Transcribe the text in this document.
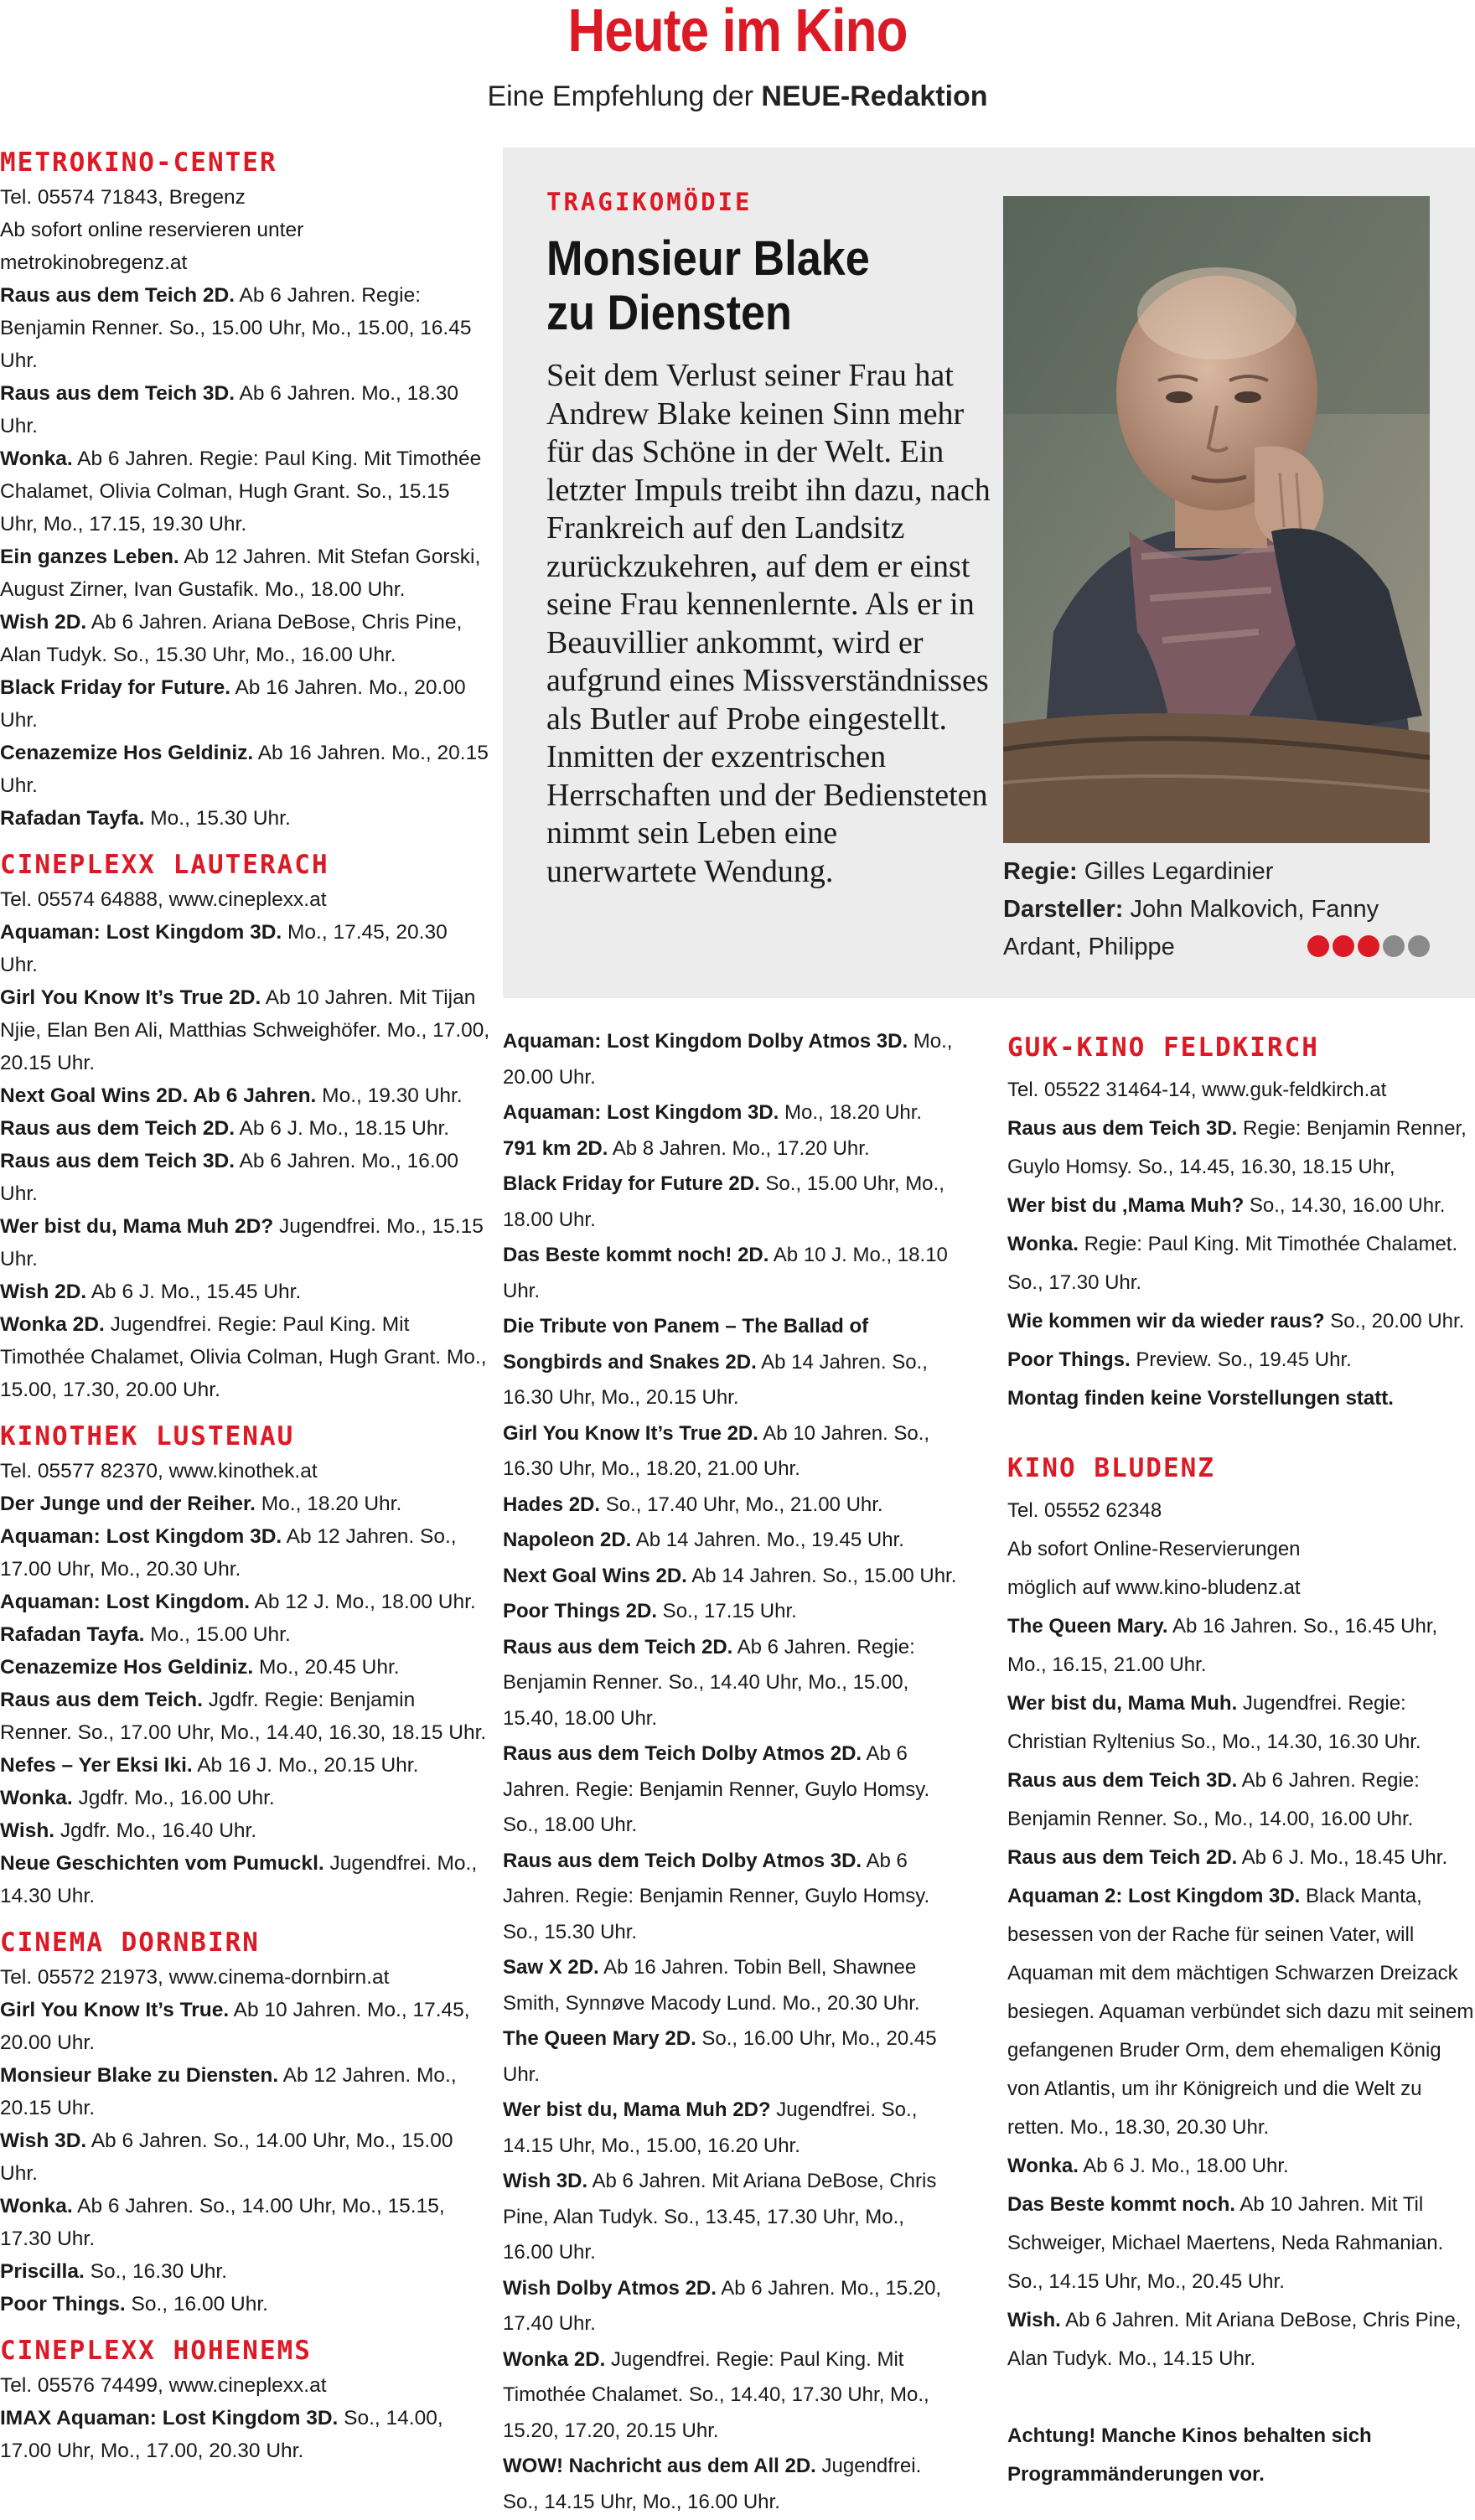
Heute im Kino
Eine Empfehlung der NEUE-Redaktion

METROKINO-CENTER

Tel. 05574 71843, Bregenz

Ab sofort online reservieren unter

metrokinobregenz.at

Raus aus dem Teich 2D. Ab 6 Jahren. Regie: Benjamin Renner. So., 15.00 Uhr, Mo., 15.00, 16.45 Uhr.

Raus aus dem Teich 3D. Ab 6 Jahren. Mo., 18.30 Uhr.

Wonka. Ab 6 Jahren. Regie: Paul King. Mit Timothée Chalamet, Olivia Colman, Hugh Grant. So., 15.15 Uhr, Mo., 17.15, 19.30 Uhr.

Ein ganzes Leben. Ab 12 Jahren. Mit Stefan Gorski, August Zirner, Ivan Gustafik. Mo., 18.00 Uhr.

Wish 2D. Ab 6 Jahren. Ariana DeBose, Chris Pine, Alan Tudyk. So., 15.30 Uhr, Mo., 16.00 Uhr.

Black Friday for Future. Ab 16 Jahren. Mo., 20.00 Uhr.

Cenazemize Hos Geldiniz. Ab 16 Jahren. Mo., 20.15 Uhr.

Rafadan Tayfa. Mo., 15.30 Uhr.

CINEPLEXX LAUTERACH

Tel. 05574 64888, www.cineplexx.at

Aquaman: Lost Kingdom 3D. Mo., 17.45, 20.30 Uhr.

Girl You Know It’s True 2D. Ab 10 Jahren. Mit Tijan Njie, Elan Ben Ali, Matthias Schweighöfer. Mo., 17.00, 20.15 Uhr.

Next Goal Wins 2D. Ab 6 Jahren. Mo., 19.30 Uhr.

Raus aus dem Teich 2D. Ab 6 J. Mo., 18.15 Uhr.

Raus aus dem Teich 3D. Ab 6 Jahren. Mo., 16.00 Uhr.

Wer bist du, Mama Muh 2D? Jugendfrei. Mo., 15.15 Uhr.

Wish 2D. Ab 6 J. Mo., 15.45 Uhr.

Wonka 2D. Jugendfrei. Regie: Paul King. Mit Timothée Chalamet, Olivia Colman, Hugh Grant. Mo., 15.00, 17.30, 20.00 Uhr.

KINOTHEK LUSTENAU

Tel. 05577 82370, www.kinothek.at

Der Junge und der Reiher. Mo., 18.20 Uhr.

Aquaman: Lost Kingdom 3D. Ab 12 Jahren. So., 17.00 Uhr, Mo., 20.30 Uhr.

Aquaman: Lost Kingdom. Ab 12 J. Mo., 18.00 Uhr.

Rafadan Tayfa. Mo., 15.00 Uhr.

Cenazemize Hos Geldiniz. Mo., 20.45 Uhr.

Raus aus dem Teich. Jgdfr. Regie: Benjamin Renner. So., 17.00 Uhr, Mo., 14.40, 16.30, 18.15 Uhr.

Nefes – Yer Eksi Iki. Ab 16 J. Mo., 20.15 Uhr.

Wonka. Jgdfr. Mo., 16.00 Uhr.

Wish. Jgdfr. Mo., 16.40 Uhr.

Neue Geschichten vom Pumuckl. Jugendfrei. Mo., 14.30 Uhr.

CINEMA DORNBIRN

Tel. 05572 21973, www.cinema-dornbirn.at

Girl You Know It’s True. Ab 10 Jahren. Mo., 17.45, 20.00 Uhr.

Monsieur Blake zu Diensten. Ab 12 Jahren. Mo., 20.15 Uhr.

Wish 3D. Ab 6 Jahren. So., 14.00 Uhr, Mo., 15.00 Uhr.

Wonka. Ab 6 Jahren. So., 14.00 Uhr, Mo., 15.15, 17.30 Uhr.

Priscilla. So., 16.30 Uhr.

Poor Things. So., 16.00 Uhr.

CINEPLEXX HOHENEMS

Tel. 05576 74499, www.cineplexx.at

IMAX Aquaman: Lost Kingdom 3D. So., 14.00, 17.00 Uhr, Mo., 17.00, 20.30 Uhr.

TRAGIKOMÖDIE
Monsieur Blake
zu Diensten
Seit dem Verlust seiner Frau hat Andrew Blake keinen Sinn mehr für das Schöne in der Welt. Ein letzter Impuls treibt ihn dazu, nach Frankreich auf den Landsitz zurückzukehren, auf dem er einst seine Frau kennenlernte. Als er in Beauvillier ankommt, wird er aufgrund eines Missverständnisses als Butler auf Probe eingestellt. Inmitten der exzentrischen Herrschaften und der Bediensteten nimmt sein Leben eine unerwartete Wendung.	Regie: Gilles Legardinier
Darsteller: John Malkovich, Fanny Ardant, Philippe

Aquaman: Lost Kingdom Dolby Atmos 3D. Mo., 20.00 Uhr.

Aquaman: Lost Kingdom 3D. Mo., 18.20 Uhr.

791 km 2D. Ab 8 Jahren. Mo., 17.20 Uhr.

Black Friday for Future 2D. So., 15.00 Uhr, Mo., 18.00 Uhr.

Das Beste kommt noch! 2D. Ab 10 J. Mo., 18.10 Uhr.

Die Tribute von Panem – The Ballad of Songbirds and Snakes 2D. Ab 14 Jahren. So., 16.30 Uhr, Mo., 20.15 Uhr.

Girl You Know It’s True 2D. Ab 10 Jahren. So., 16.30 Uhr, Mo., 18.20, 21.00 Uhr.

Hades 2D. So., 17.40 Uhr, Mo., 21.00 Uhr.

Napoleon 2D. Ab 14 Jahren. Mo., 19.45 Uhr.

Next Goal Wins 2D. Ab 14 Jahren. So., 15.00 Uhr.

Poor Things 2D. So., 17.15 Uhr.

Raus aus dem Teich 2D. Ab 6 Jahren. Regie: Benjamin Renner. So., 14.40 Uhr, Mo., 15.00, 15.40, 18.00 Uhr.

Raus aus dem Teich Dolby Atmos 2D. Ab 6 Jahren. Regie: Benjamin Renner, Guylo Homsy. So., 18.00 Uhr.

Raus aus dem Teich Dolby Atmos 3D. Ab 6 Jahren. Regie: Benjamin Renner, Guylo Homsy. So., 15.30 Uhr.

Saw X 2D. Ab 16 Jahren. Tobin Bell, Shawnee Smith, Synnøve Macody Lund. Mo., 20.30 Uhr.

The Queen Mary 2D. So., 16.00 Uhr, Mo., 20.45 Uhr.

Wer bist du, Mama Muh 2D? Jugendfrei. So., 14.15 Uhr, Mo., 15.00, 16.20 Uhr.

Wish 3D. Ab 6 Jahren. Mit Ariana DeBose, Chris Pine, Alan Tudyk. So., 13.45, 17.30 Uhr, Mo., 16.00 Uhr.

Wish Dolby Atmos 2D. Ab 6 Jahren. Mo., 15.20, 17.40 Uhr.

Wonka 2D. Jugendfrei. Regie: Paul King. Mit Timothée Chalamet. So., 14.40, 17.30 Uhr, Mo., 15.20, 17.20, 20.15 Uhr.

WOW! Nachricht aus dem All 2D. Jugendfrei. So., 14.15 Uhr, Mo., 16.00 Uhr.

GUK-KINO FELDKIRCH

Tel. 05522 31464-14, www.guk-feldkirch.at

Raus aus dem Teich 3D. Regie: Benjamin Renner, Guylo Homsy. So., 14.45, 16.30, 18.15 Uhr,

Wer bist du ‚Mama Muh? So., 14.30, 16.00 Uhr.

Wonka. Regie: Paul King. Mit Timothée Chalamet. So., 17.30 Uhr.

Wie kommen wir da wieder raus? So., 20.00 Uhr.

Poor Things. Preview. So., 19.45 Uhr.

Montag finden keine Vorstellungen statt.

KINO BLUDENZ

Tel. 05552 62348

Ab sofort Online-Reservierungen

möglich auf www.kino-bludenz.at

The Queen Mary. Ab 16 Jahren. So., 16.45 Uhr, Mo., 16.15, 21.00 Uhr.

Wer bist du, Mama Muh. Jugendfrei. Regie: Christian Ryltenius So., Mo., 14.30, 16.30 Uhr.

Raus aus dem Teich 3D. Ab 6 Jahren. Regie: Benjamin Renner. So., Mo., 14.00, 16.00 Uhr.

Raus aus dem Teich 2D. Ab 6 J. Mo., 18.45 Uhr.

Aquaman 2: Lost Kingdom 3D. Black Manta, besessen von der Rache für seinen Vater, will Aquaman mit dem mächtigen Schwarzen Dreizack besiegen. Aquaman verbündet sich dazu mit seinem gefangenen Bruder Orm, dem ehemaligen König von Atlantis, um ihr Königreich und die Welt zu retten. Mo., 18.30, 20.30 Uhr.

Wonka. Ab 6 J. Mo., 18.00 Uhr.

Das Beste kommt noch. Ab 10 Jahren. Mit Til Schweiger, Michael Maertens, Neda Rahmanian. So., 14.15 Uhr, Mo., 20.45 Uhr.

Wish. Ab 6 Jahren. Mit Ariana DeBose, Chris Pine, Alan Tudyk. Mo., 14.15 Uhr.

Achtung! Manche Kinos behalten sich Programmänderungen vor.
